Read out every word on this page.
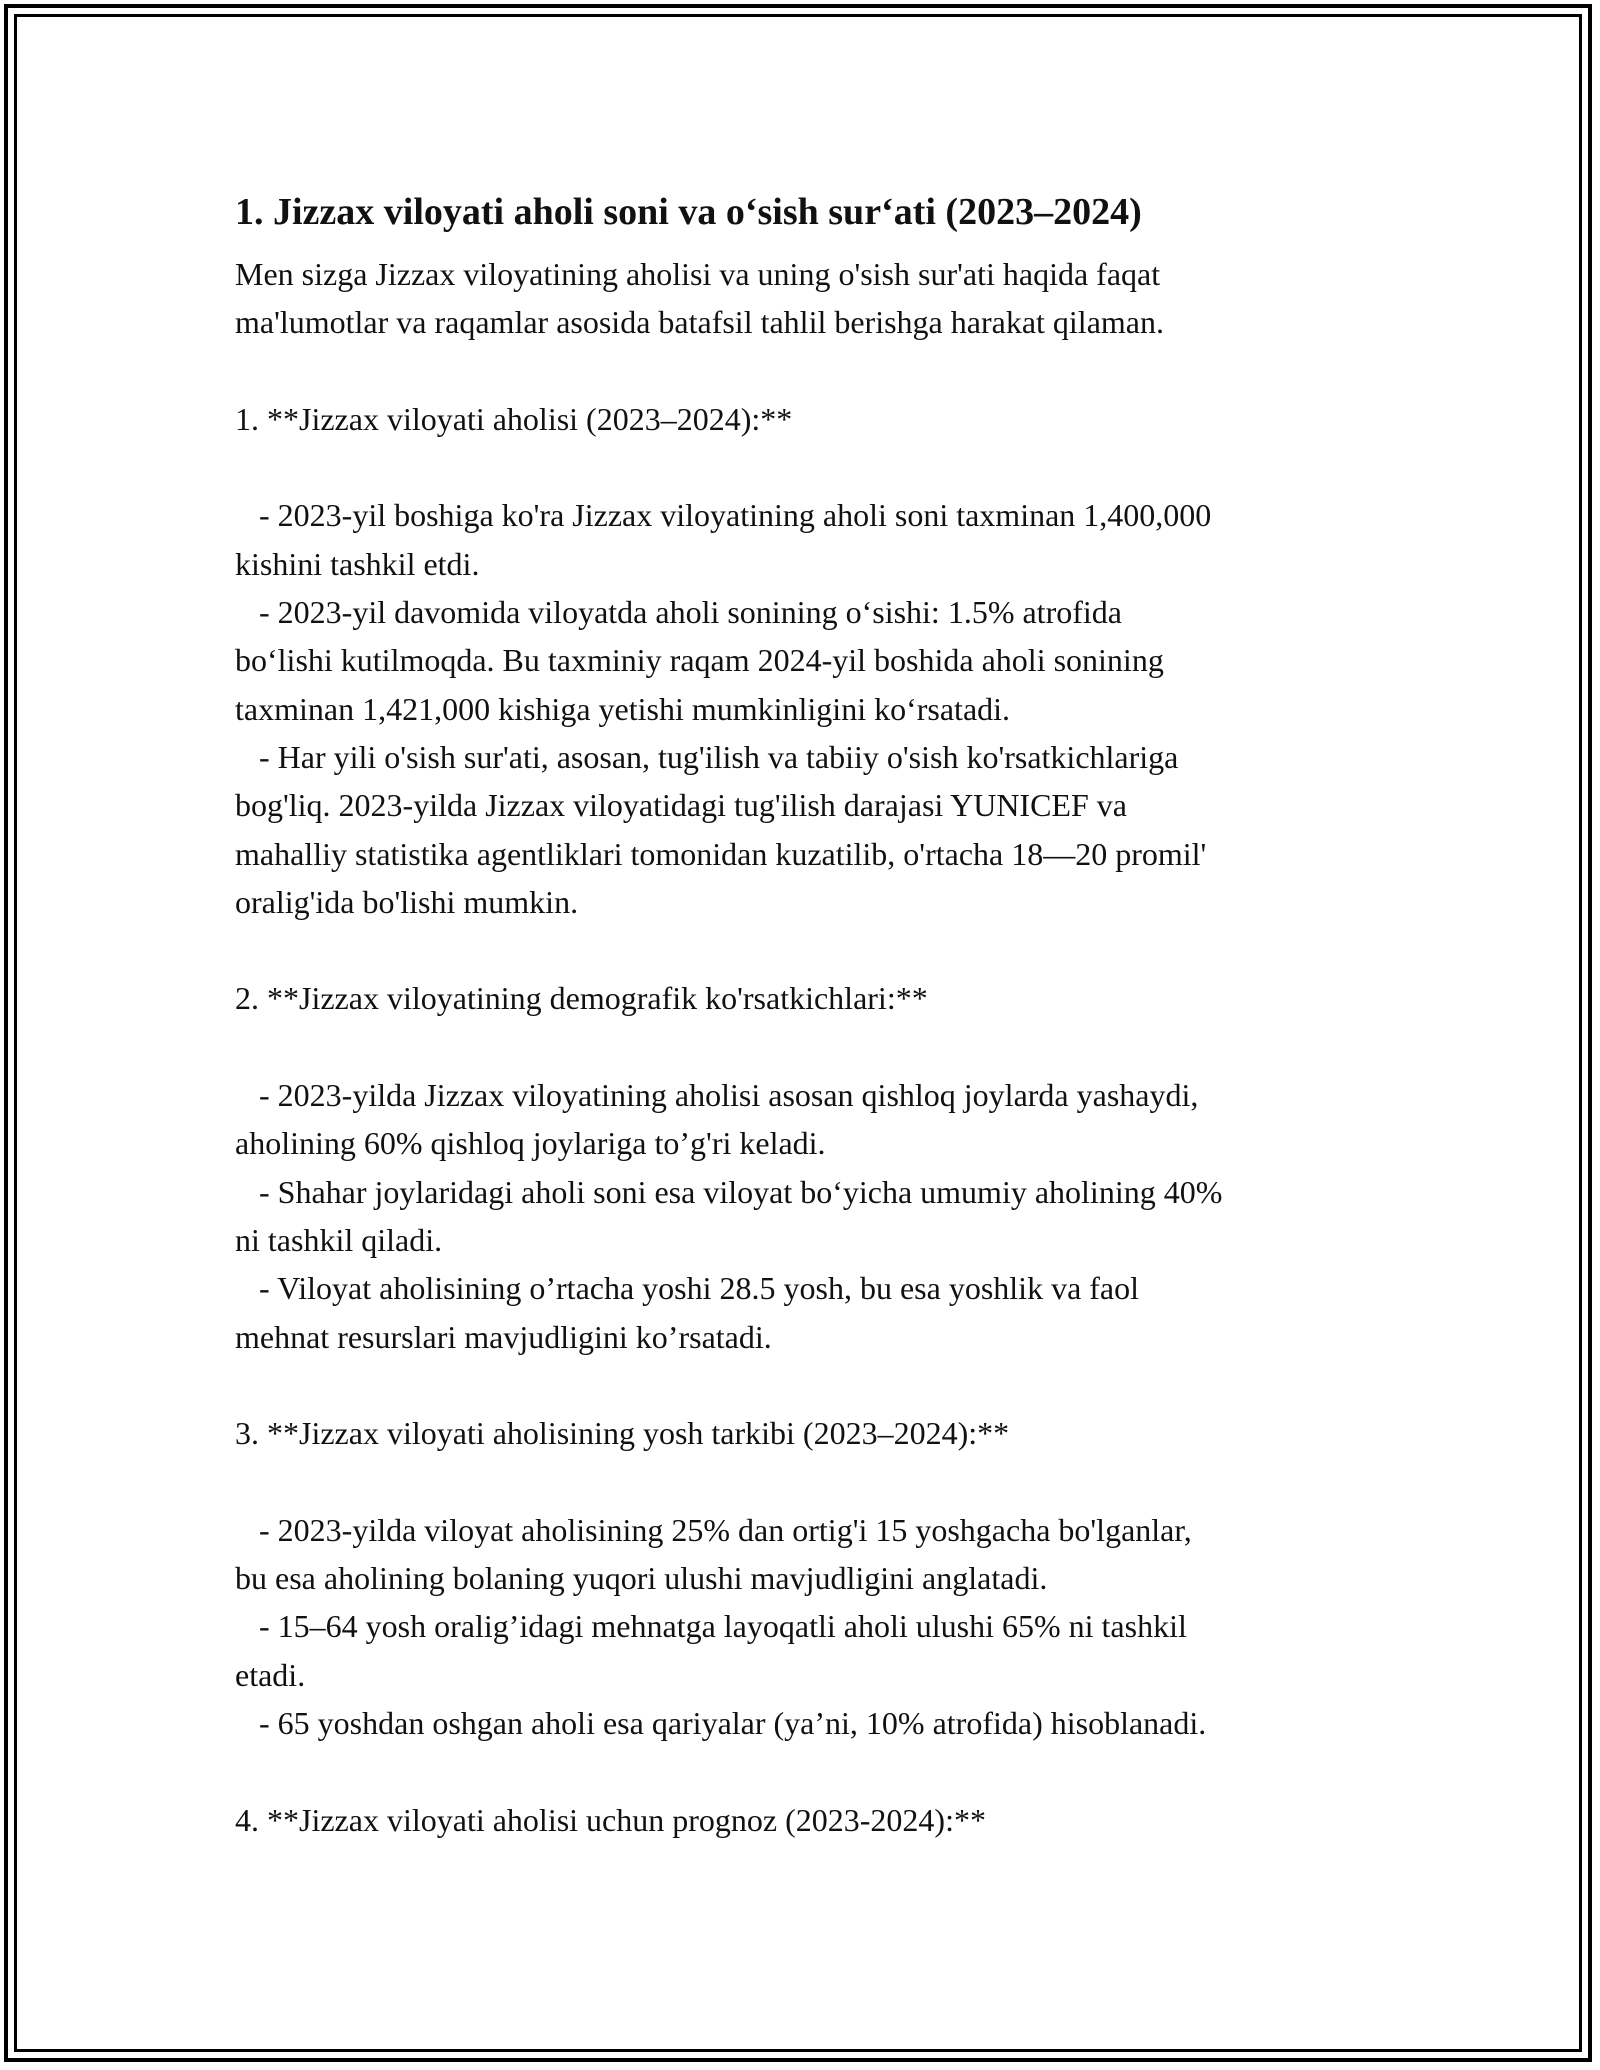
1. Jizzax viloyati aholi soni va o‘sish sur‘ati (2023–2024)

Men sizga Jizzax viloyatining aholisi va uning o'sish sur'ati haqida faqat
ma'lumotlar va raqamlar asosida batafsil tahlil berishga harakat qilaman.

1. **Jizzax viloyati aholisi (2023–2024):**

- 2023-yil boshiga ko'ra Jizzax viloyatining aholi soni taxminan 1,400,000
kishini tashkil etdi.
- 2023-yil davomida viloyatda aholi sonining o‘sishi: 1.5% atrofida
bo‘lishi kutilmoqda. Bu taxminiy raqam 2024-yil boshida aholi sonining
taxminan 1,421,000 kishiga yetishi mumkinligini ko‘rsatadi.
- Har yili o'sish sur'ati, asosan, tug'ilish va tabiiy o'sish ko'rsatkichlariga
bog'liq. 2023-yilda Jizzax viloyatidagi tug'ilish darajasi YUNICEF va
mahalliy statistika agentliklari tomonidan kuzatilib, o'rtacha 18—20 promil'
oralig'ida bo'lishi mumkin.

2. **Jizzax viloyatining demografik ko'rsatkichlari:**

- 2023-yilda Jizzax viloyatining aholisi asosan qishloq joylarda yashaydi,
aholining 60% qishloq joylariga to’g'ri keladi.
- Shahar joylaridagi aholi soni esa viloyat bo‘yicha umumiy aholining 40%
ni tashkil qiladi.
- Viloyat aholisining o’rtacha yoshi 28.5 yosh, bu esa yoshlik va faol
mehnat resurslari mavjudligini ko’rsatadi.

3. **Jizzax viloyati aholisining yosh tarkibi (2023–2024):**

- 2023-yilda viloyat aholisining 25% dan ortig'i 15 yoshgacha bo'lganlar,
bu esa aholining bolaning yuqori ulushi mavjudligini anglatadi.
- 15–64 yosh oralig’idagi mehnatga layoqatli aholi ulushi 65% ni tashkil
etadi.
- 65 yoshdan oshgan aholi esa qariyalar (ya’ni, 10% atrofida) hisoblanadi.

4. **Jizzax viloyati aholisi uchun prognoz (2023-2024):**
